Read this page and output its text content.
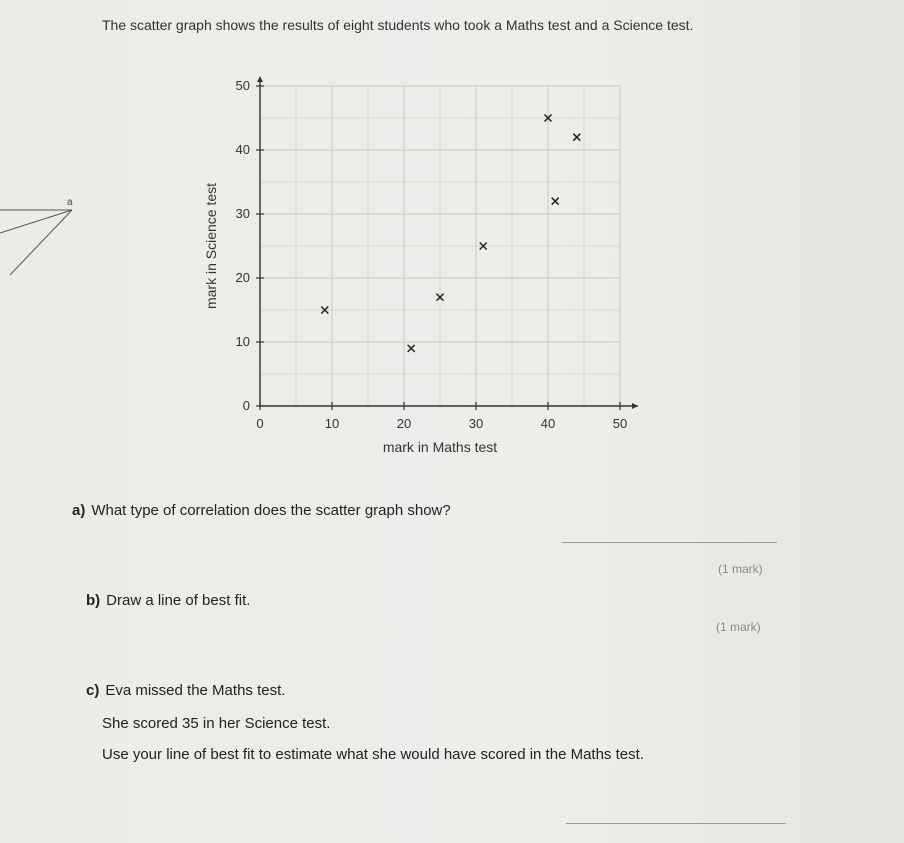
The scatter graph shows the results of eight students who took a Maths test and a Science test.
a
0	10	20	30	40	50
0
10
20
30
40
50
mark in Maths test
mark in Science test
a) What type of correlation does the scatter graph show?
(1 mark)
b) Draw a line of best fit.
(1 mark)
c) Eva missed the Maths test.
She scored 35 in her Science test.
Use your line of best fit to estimate what she would have scored in the Maths test.
